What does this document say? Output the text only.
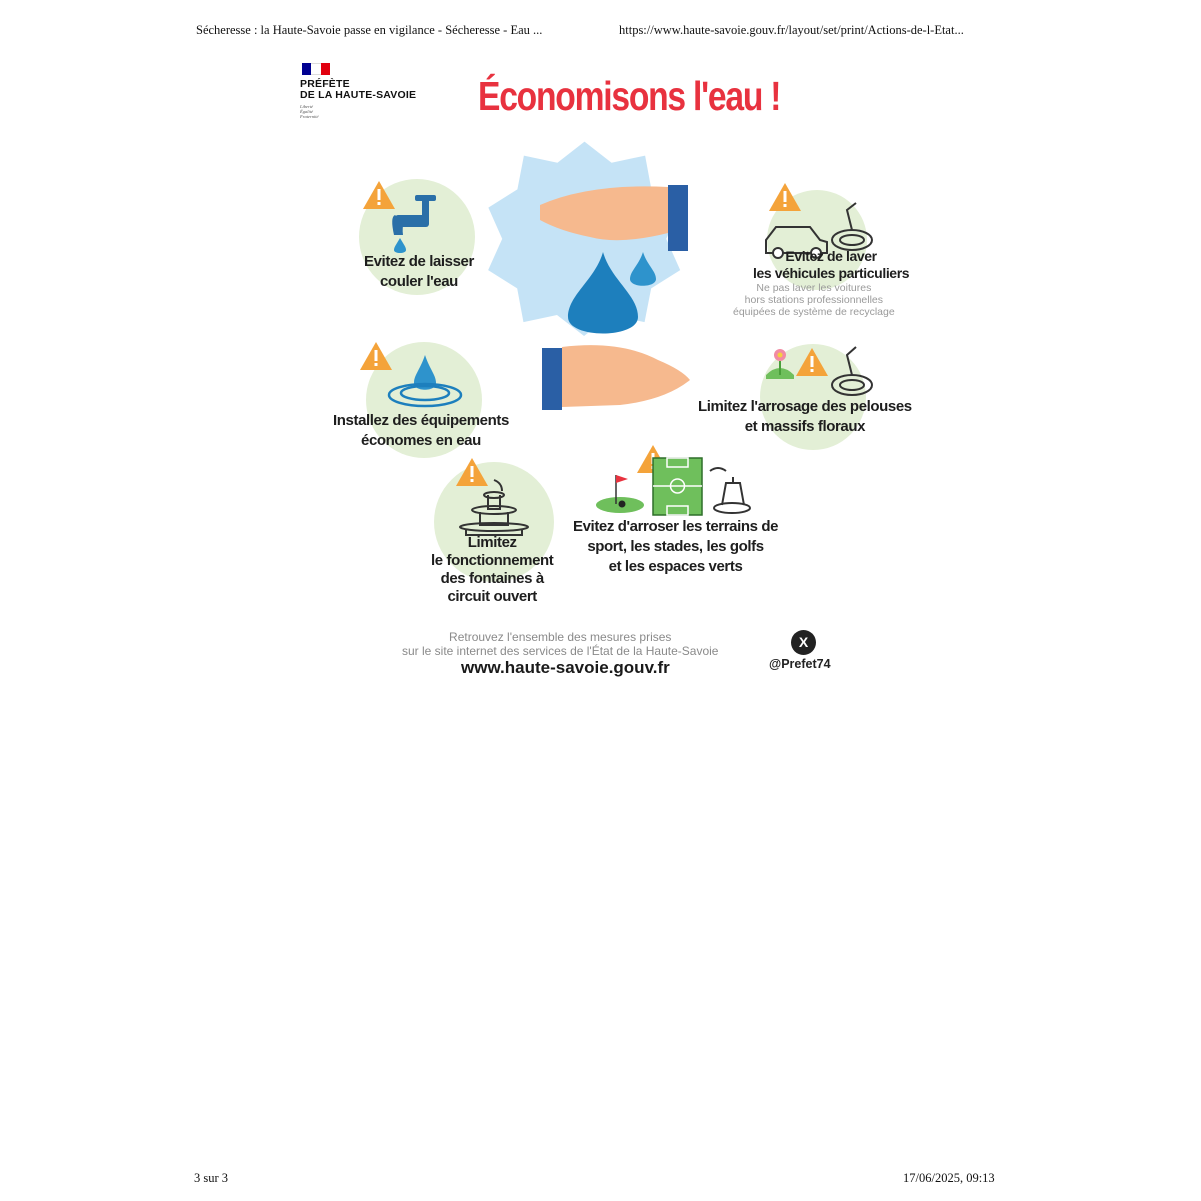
Sécheresse : la Haute-Savoie passe en vigilance - Sécheresse - Eau ...	https://www.haute-savoie.gouv.fr/layout/set/print/Actions-de-l-Etat...
PRÉFÈTE
DE LA HAUTE-SAVOIE
Liberté
Égalité
Fraternité	Économisons l'eau !
Evitez de laisser
couler l'eau
Evitez de laver
les véhicules particuliers
Ne pas laver les voitures
hors stations professionnelles
équipées de système de recyclage
Installez des équipements
économes en eau
Limitez l'arrosage des pelouses
et massifs floraux
Limitez
le fonctionnement
des fontaines à
circuit ouvert
Evitez d'arroser les terrains de
sport, les stades, les golfs
et les espaces verts
Retrouvez l'ensemble des mesures prises
sur le site internet des services de l'État de la Haute-Savoie
www.haute-savoie.gouv.fr
X
@Prefet74
3 sur 3	17/06/2025, 09:13
